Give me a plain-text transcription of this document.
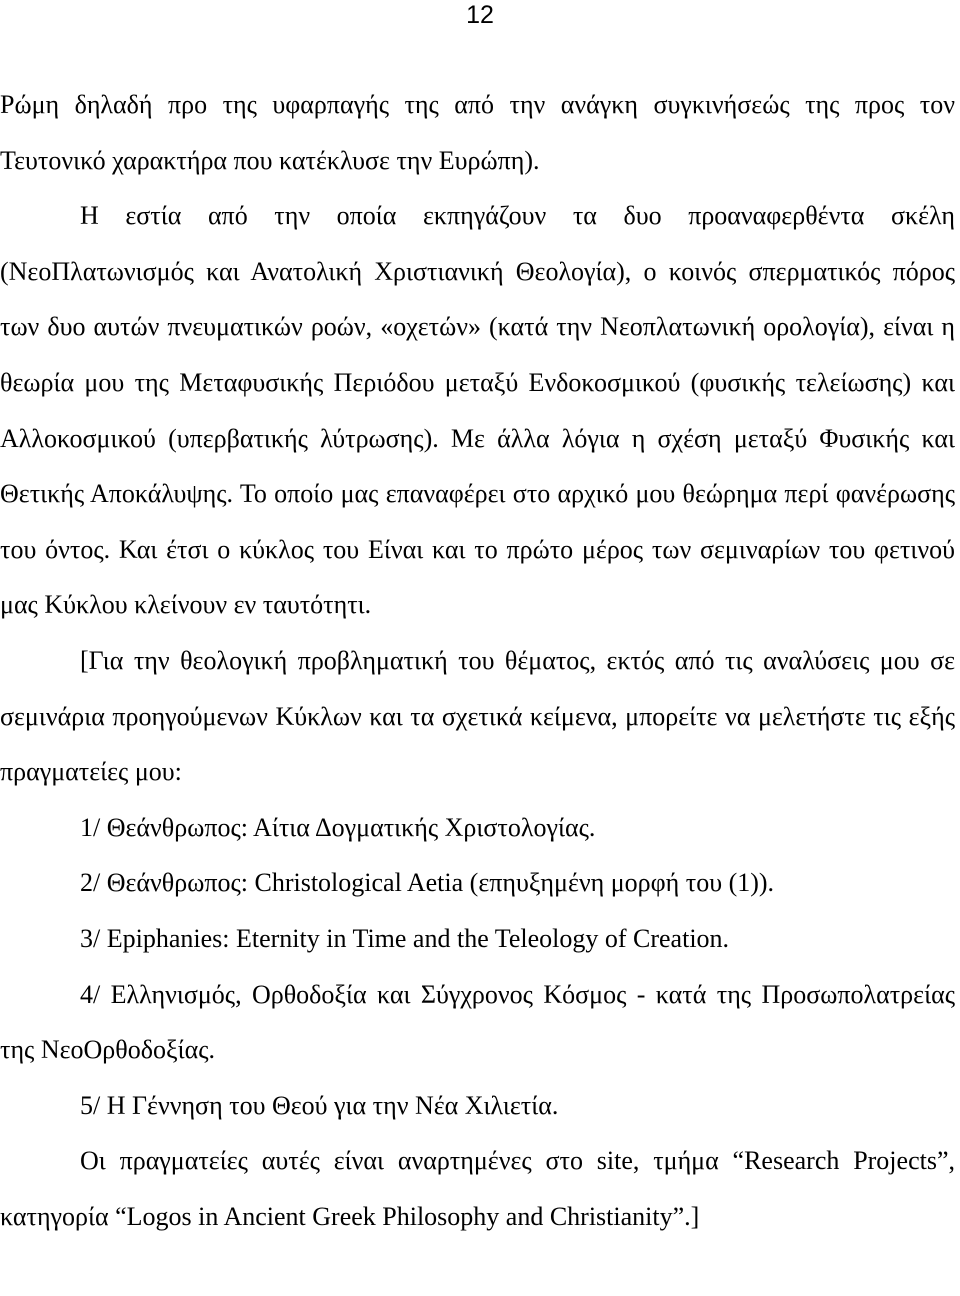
12

Ρώμη δηλαδή προ της υφαρπαγής της από την ανάγκη συγκινήσεώς της προς τον Τευτονικό χαρακτήρα που κατέκλυσε την Ευρώπη).

Η εστία από την οποία εκπηγάζουν τα δυο προαναφερθέντα σκέλη (ΝεοΠλατωνισμός και Ανατολική Χριστιανική Θεολογία), ο κοινός σπερματικός πόρος των δυο αυτών πνευματικών ροών, «οχετών» (κατά την Νεοπλατωνική ορολογία), είναι η θεωρία μου της Μεταφυσικής Περιόδου μεταξύ Ενδοκοσμικού (φυσικής τελείωσης) και Αλλοκοσμικού (υπερβατικής λύτρωσης). Με άλλα λόγια η σχέση μεταξύ Φυσικής και Θετικής Αποκάλυψης. Το οποίο μας επαναφέρει στο αρχικό μου θεώρημα περί φανέρωσης του όντος. Και έτσι ο κύκλος του Είναι και το πρώτο μέρος των σεμιναρίων του φετινού μας Κύκλου κλείνουν εν ταυτότητι.

[Για την θεολογική προβληματική του θέματος, εκτός από τις αναλύσεις μου σε σεμινάρια προηγούμενων Κύκλων και τα σχετικά κείμενα, μπορείτε να μελετήστε τις εξής πραγματείες μου:

1/ Θεάνθρωπος: Αίτια Δογματικής Χριστολογίας.

2/ Θεάνθρωπος: Christological Aetia (επηυξημένη μορφή του (1)).

3/ Epiphanies: Eternity in Time and the Teleology of Creation.

4/ Ελληνισμός, Ορθοδοξία και Σύγχρονος Κόσμος - κατά της Προσωπολατρείας της ΝεοΟρθοδοξίας.

5/ Η Γέννηση του Θεού για την Νέα Χιλιετία.

Οι πραγματείες αυτές είναι αναρτημένες στο site, τμήμα “Research Projects”, κατηγορία “Logos in Ancient Greek Philosophy and Christianity”.]
